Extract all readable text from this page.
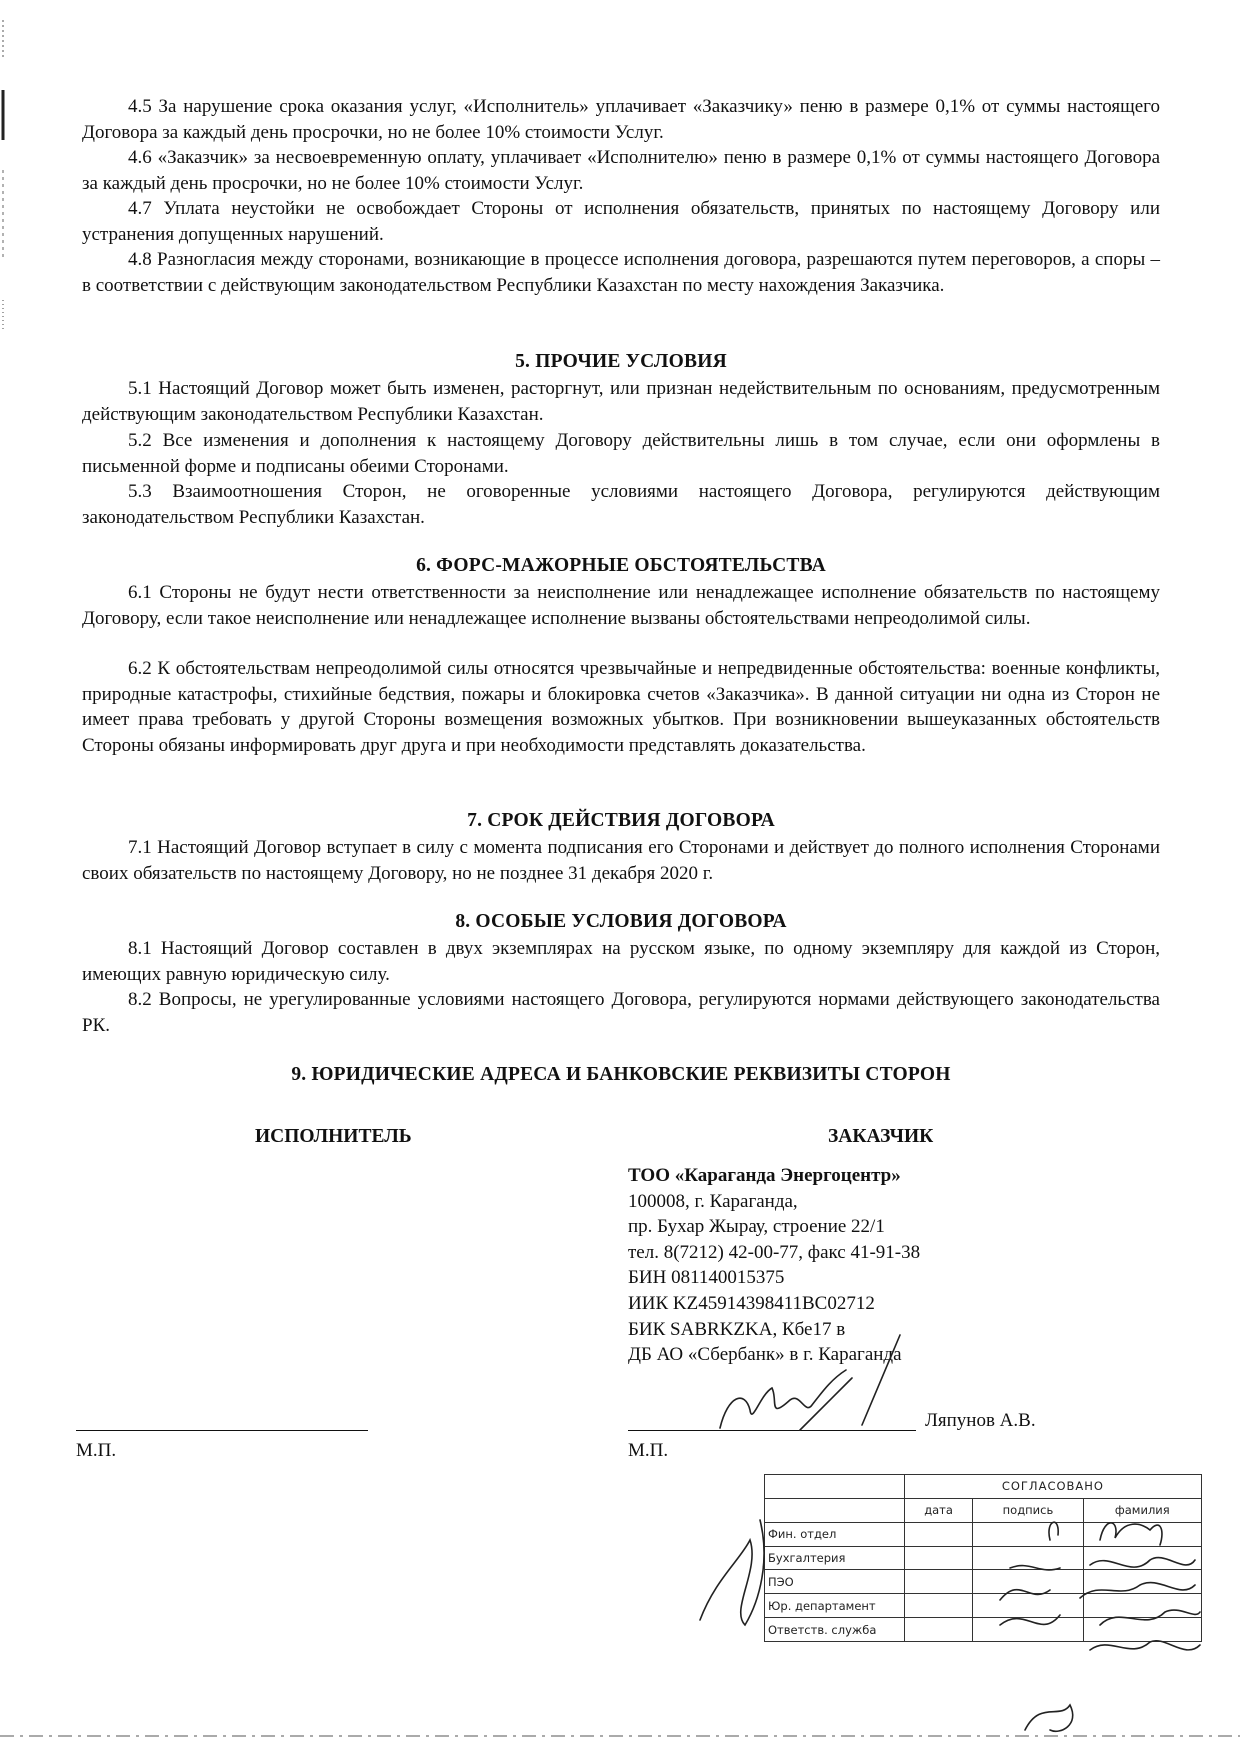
4.5 За нарушение срока оказания услуг, «Исполнитель» уплачивает «Заказчику» пеню в размере 0,1% от суммы настоящего Договора за каждый день просрочки, но не более 10% стоимости Услуг.

4.6 «Заказчик» за несвоевременную оплату, уплачивает «Исполнителю» пеню в размере 0,1% от суммы настоящего Договора за каждый день просрочки, но не более 10% стоимости Услуг.

4.7 Уплата неустойки не освобождает Стороны от исполнения обязательств, принятых по настоящему Договору или устранения допущенных нарушений.

4.8 Разногласия между сторонами, возникающие в процессе исполнения договора, разрешаются путем переговоров, а споры – в соответствии с действующим законодательством Республики Казахстан по месту нахождения Заказчика.

5. ПРОЧИЕ УСЛОВИЯ

5.1 Настоящий Договор может быть изменен, расторгнут, или признан недействительным по основаниям, предусмотренным действующим законодательством Республики Казахстан.

5.2 Все изменения и дополнения к настоящему Договору действительны лишь в том случае, если они оформлены в письменной форме и подписаны обеими Сторонами.

5.3 Взаимоотношения Сторон, не оговоренные условиями настоящего Договора, регулируются действующим законодательством Республики Казахстан.

6. ФОРС-МАЖОРНЫЕ ОБСТОЯТЕЛЬСТВА

6.1 Стороны не будут нести ответственности за неисполнение или ненадлежащее исполнение обязательств по настоящему Договору, если такое неисполнение или ненадлежащее исполнение вызваны обстоятельствами непреодолимой силы.

6.2 К обстоятельствам непреодолимой силы относятся чрезвычайные и непредвиденные обстоятельства: военные конфликты, природные катастрофы, стихийные бедствия, пожары и блокировка счетов «Заказчика». В данной ситуации ни одна из Сторон не имеет права требовать у другой Стороны возмещения возможных убытков. При возникновении вышеуказанных обстоятельств Стороны обязаны информировать друг друга и при необходимости представлять доказательства.

7. СРОК ДЕЙСТВИЯ ДОГОВОРА

7.1 Настоящий Договор вступает в силу с момента подписания его Сторонами и действует до полного исполнения Сторонами своих обязательств по настоящему Договору, но не позднее 31 декабря 2020 г.

8. ОСОБЫЕ УСЛОВИЯ ДОГОВОРА

8.1 Настоящий Договор составлен в двух экземплярах на русском языке, по одному экземпляру для каждой из Сторон, имеющих равную юридическую силу.

8.2 Вопросы, не урегулированные условиями настоящего Договора, регулируются нормами действующего законодательства РК.

9. ЮРИДИЧЕСКИЕ АДРЕСА И БАНКОВСКИЕ РЕКВИЗИТЫ СТОРОН

ИСПОЛНИТЕЛЬ	ЗАКАЗЧИК
ТОО «Караганда Энергоцентр»
100008, г. Караганда,
пр. Бухар Жырау, строение 22/1
тел. 8(7212) 42-00-77, факс 41-91-38
БИН 081140015375
ИИК KZ45914398411BC02712
БИК SABRKZKA, Кбе17 в
ДБ АО «Сбербанк» в г. Караганда
Ляпунов А.В.
М.П.	М.П.
	СОГЛАСОВАНО		
	дата	подпись	фамилия
Фин. отдел			
Бухгалтерия			
ПЭО			
Юр. департамент			
Ответств. служба			
